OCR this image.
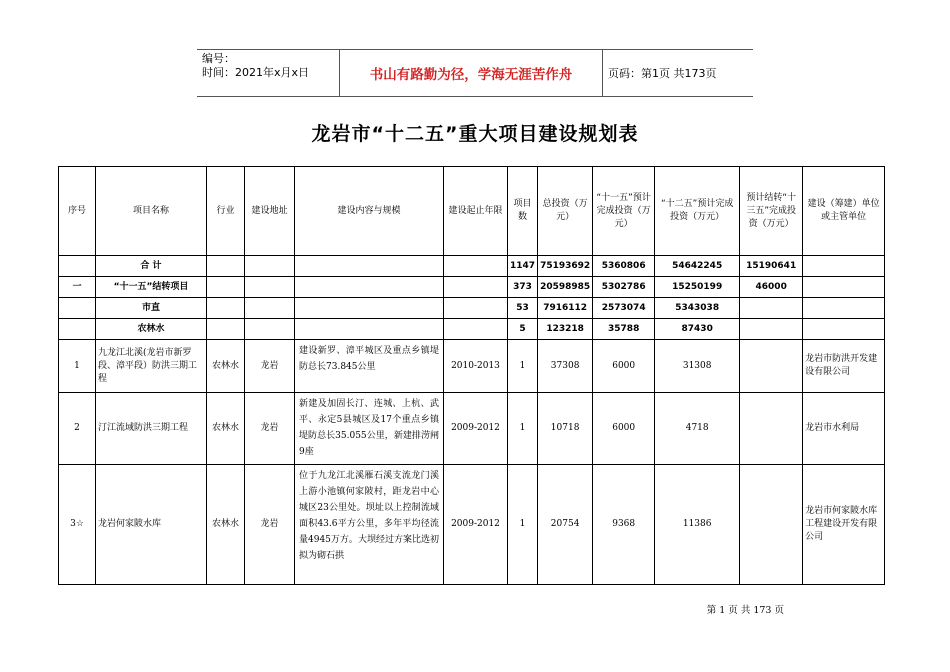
编号：
时间：2021年x月x日	书山有路勤为径，学海无涯苦作舟	页码：第1页 共173页
龙岩市“十二五”重大项目建设规划表
序号	项目名称	行业	建设地址	建设内容与规模	建设起止年限	项目数	总投资（万元）	“十一五”预计完成投资（万元）	“十二五”预计完成投资（万元）	预计结转“十三五”完成投资（万元）	建设（筹建）单位或主管单位
	合 计					1147	75193692	5360806	54642245	15190641	
一	“十一五”结转项目					373	20598985	5302786	15250199	46000	
	市直					53	7916112	2573074	5343038		
	农林水					5	123218	35788	87430		
1	九龙江北溪(龙岩市新罗段、漳平段）防洪三期工程	农林水	龙岩	建设新罗、漳平城区及重点乡镇堤防总长73.845公里	2010-2013	1	37308	6000	31308		龙岩市防洪开发建设有限公司
2	汀江流域防洪三期工程	农林水	龙岩	新建及加固长汀、连城、上杭、武平、永定5县城区及17个重点乡镇堤防总长35.055公里，新建排涝闸9座	2009-2012	1	10718	6000	4718		龙岩市水利局
3☆	龙岩何家陂水库	农林水	龙岩	位于九龙江北溪雁石溪支流龙门溪上游小池镇何家陂村，距龙岩中心城区23公里处。坝址以上控制流域面积43.6平方公里，多年平均径流量4945万方。大坝经过方案比选初拟为砌石拱	2009-2012	1	20754	9368	11386		龙岩市何家陂水库工程建设开发有限公司
第 1 页 共 173 页
